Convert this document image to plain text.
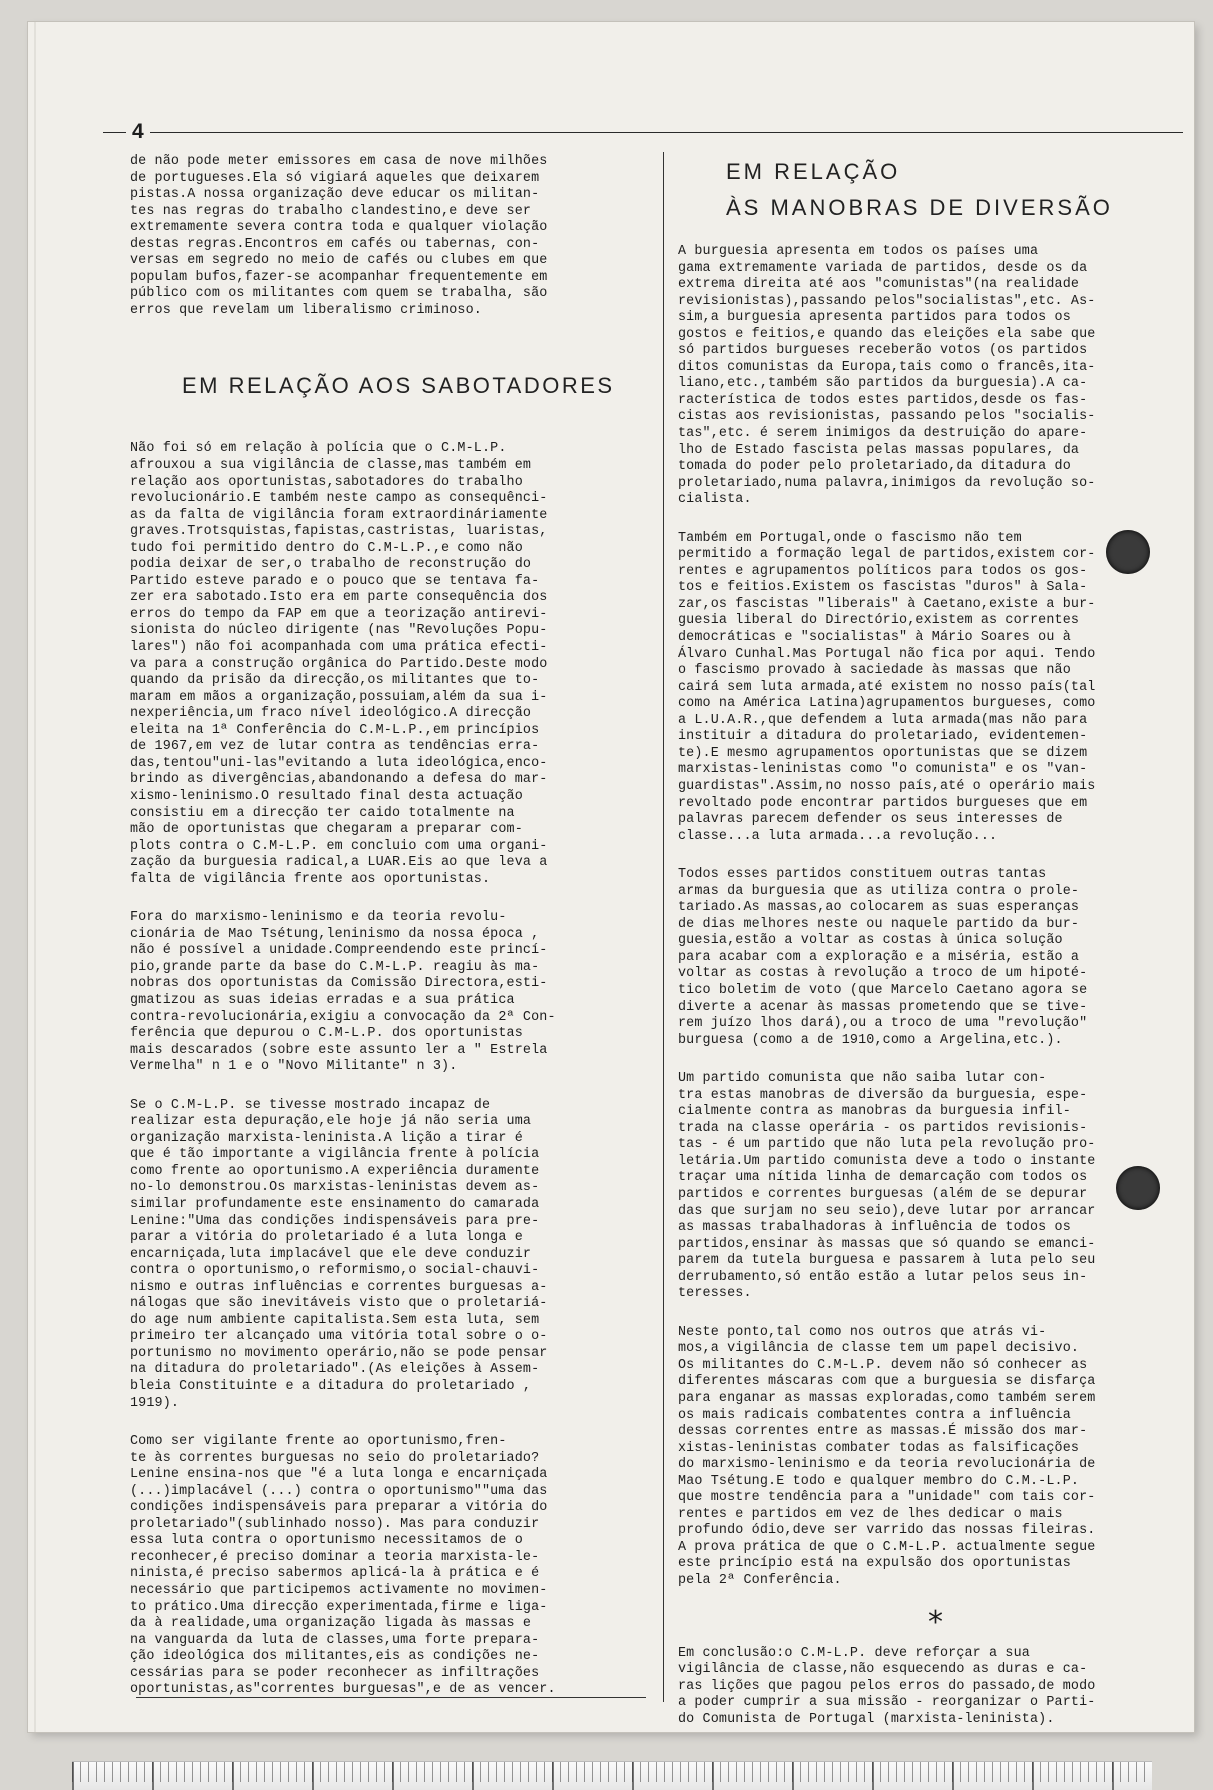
4

de não pode meter emissores em casa de nove milhões
de portugueses.Ela só vigiará aqueles que deixarem
pistas.A nossa organização deve educar os militan-
tes nas regras do trabalho clandestino,e deve ser
extremamente severa contra toda e qualquer violação
destas regras.Encontros em cafés ou tabernas, con-
versas em segredo no meio de cafés ou clubes em que
populam bufos,fazer-se acompanhar frequentemente em
público com os militantes com quem se trabalha, são
erros que revelam um liberalismo criminoso.

EM RELAÇÃO AOS SABOTADORES

Não foi só em relação à polícia que o C.M-L.P.
afrouxou a sua vigilância de classe,mas também em
relação aos oportunistas,sabotadores do trabalho
revolucionário.E também neste campo as consequênci-
as da falta de vigilância foram extraordináriamente
graves.Trotsquistas,fapistas,castristas, luaristas,
tudo foi permitido dentro do C.M-L.P.,e como não
podia deixar de ser,o trabalho de reconstrução do
Partido esteve parado e o pouco que se tentava fa-
zer era sabotado.Isto era em parte consequência dos
erros do tempo da FAP em que a teorização antirevi-
sionista do núcleo dirigente (nas "Revoluções Popu-
lares") não foi acompanhada com uma prática efecti-
va para a construção orgânica do Partido.Deste modo
quando da prisão da direcção,os militantes que to-
maram em mãos a organização,possuiam,além da sua i-
nexperiência,um fraco nível ideológico.A direcção
eleita na 1ª Conferência do C.M-L.P.,em princípios
de 1967,em vez de lutar contra as tendências erra-
das,tentou"uni-las"evitando a luta ideológica,enco-
brindo as divergências,abandonando a defesa do mar-
xismo-leninismo.O resultado final desta actuação
consistiu em a direcção ter caido totalmente na
mão de oportunistas que chegaram a preparar com-
plots contra o C.M-L.P. em concluio com uma organi-
zação da burguesia radical,a LUAR.Eis ao que leva a
falta de vigilância frente aos oportunistas.

Fora do marxismo-leninismo e da teoria revolu-
cionária de Mao Tsétung,leninismo da nossa época ,
não é possível a unidade.Compreendendo este princí-
pio,grande parte da base do C.M-L.P. reagiu às ma-
nobras dos oportunistas da Comissão Directora,esti-
gmatizou as suas ideias erradas e a sua prática
contra-revolucionária,exigiu a convocação da 2ª Con-
ferência que depurou o C.M-L.P. dos oportunistas
mais descarados (sobre este assunto ler a " Estrela
Vermelha" n 1 e o "Novo Militante" n 3).

Se o C.M-L.P. se tivesse mostrado incapaz de
realizar esta depuração,ele hoje já não seria uma
organização marxista-leninista.A lição a tirar é
que é tão importante a vigilância frente à polícia
como frente ao oportunismo.A experiência duramente
no-lo demonstrou.Os marxistas-leninistas devem as-
similar profundamente este ensinamento do camarada
Lenine:"Uma das condições indispensáveis para pre-
parar a vitória do proletariado é a luta longa e
encarniçada,luta implacável que ele deve conduzir
contra o oportunismo,o reformismo,o social-chauvi-
nismo e outras influências e correntes burguesas a-
nálogas que são inevitáveis visto que o proletariá-
do age num ambiente capitalista.Sem esta luta, sem
primeiro ter alcançado uma vitória total sobre o o-
portunismo no movimento operário,não se pode pensar
na ditadura do proletariado".(As eleições à Assem-
bleia Constituinte e a ditadura do proletariado ,
1919).

Como ser vigilante frente ao oportunismo,fren-
te às correntes burguesas no seio do proletariado?
Lenine ensina-nos que "é a luta longa e encarniçada
(...)implacável (...) contra o oportunismo""uma das
condições indispensáveis para preparar a vitória do
proletariado"(sublinhado nosso). Mas para conduzir
essa luta contra o oportunismo necessitamos de o
reconhecer,é preciso dominar a teoria marxista-le-
ninista,é preciso sabermos aplicá-la à prática e é
necessário que participemos activamente no movimen-
to prático.Uma direcção experimentada,firme e liga-
da à realidade,uma organização ligada às massas e
na vanguarda da luta de classes,uma forte prepara-
ção ideológica dos militantes,eis as condições ne-
cessárias para se poder reconhecer as infiltrações
oportunistas,as"correntes burguesas",e de as vencer.

EM RELAÇÃO
ÀS MANOBRAS DE DIVERSÃO

A burguesia apresenta em todos os países uma
gama extremamente variada de partidos, desde os da
extrema direita até aos "comunistas"(na realidade
revisionistas),passando pelos"socialistas",etc. As-
sim,a burguesia apresenta partidos para todos os
gostos e feitios,e quando das eleições ela sabe que
só partidos burgueses receberão votos (os partidos
ditos comunistas da Europa,tais como o francês,ita-
liano,etc.,também são partidos da burguesia).A ca-
racterística de todos estes partidos,desde os fas-
cistas aos revisionistas, passando pelos "socialis-
tas",etc. é serem inimigos da destruição do apare-
lho de Estado fascista pelas massas populares, da
tomada do poder pelo proletariado,da ditadura do
proletariado,numa palavra,inimigos da revolução so-
cialista.

Também em Portugal,onde o fascismo não tem
permitido a formação legal de partidos,existem cor-
rentes e agrupamentos políticos para todos os gos-
tos e feitios.Existem os fascistas "duros" à Sala-
zar,os fascistas "liberais" à Caetano,existe a bur-
guesia liberal do Directório,existem as correntes
democráticas e "socialistas" à Mário Soares ou à
Álvaro Cunhal.Mas Portugal não fica por aqui. Tendo
o fascismo provado à saciedade às massas que não
cairá sem luta armada,até existem no nosso país(tal
como na América Latina)agrupamentos burgueses, como
a L.U.A.R.,que defendem a luta armada(mas não para
instituir a ditadura do proletariado, evidentemen-
te).E mesmo agrupamentos oportunistas que se dizem
marxistas-leninistas como "o comunista" e os "van-
guardistas".Assim,no nosso país,até o operário mais
revoltado pode encontrar partidos burgueses que em
palavras parecem defender os seus interesses de
classe...a luta armada...a revolução...

Todos esses partidos constituem outras tantas
armas da burguesia que as utiliza contra o prole-
tariado.As massas,ao colocarem as suas esperanças
de dias melhores neste ou naquele partido da bur-
guesia,estão a voltar as costas à única solução
para acabar com a exploração e a miséria, estão a
voltar as costas à revolução a troco de um hipoté-
tico boletim de voto (que Marcelo Caetano agora se
diverte a acenar às massas prometendo que se tive-
rem juízo lhos dará),ou a troco de uma "revolução"
burguesa (como a de 1910,como a Argelina,etc.).

Um partido comunista que não saiba lutar con-
tra estas manobras de diversão da burguesia, espe-
cialmente contra as manobras da burguesia infil-
trada na classe operária - os partidos revisionis-
tas - é um partido que não luta pela revolução pro-
letária.Um partido comunista deve a todo o instante
traçar uma nítida linha de demarcação com todos os
partidos e correntes burguesas (além de se depurar
das que surjam no seu seio),deve lutar por arrancar
as massas trabalhadoras à influência de todos os
partidos,ensinar às massas que só quando se emanci-
parem da tutela burguesa e passarem à luta pelo seu
derrubamento,só então estão a lutar pelos seus in-
teresses.

Neste ponto,tal como nos outros que atrás vi-
mos,a vigilância de classe tem um papel decisivo.
Os militantes do C.M-L.P. devem não só conhecer as
diferentes máscaras com que a burguesia se disfarça
para enganar as massas exploradas,como também serem
os mais radicais combatentes contra a influência
dessas correntes entre as massas.É missão dos mar-
xistas-leninistas combater todas as falsificações
do marxismo-leninismo e da teoria revolucionária de
Mao Tsétung.E todo e qualquer membro do C.M.-L.P.
que mostre tendência para a "unidade" com tais cor-
rentes e partidos em vez de lhes dedicar o mais
profundo ódio,deve ser varrido das nossas fileiras.
A prova prática de que o C.M-L.P. actualmente segue
este princípio está na expulsão dos oportunistas
pela 2ª Conferência.

*

Em conclusão:o C.M-L.P. deve reforçar a sua
vigilância de classe,não esquecendo as duras e ca-
ras lições que pagou pelos erros do passado,de modo
a poder cumprir a sua missão - reorganizar o Parti-
do Comunista de Portugal (marxista-leninista).
